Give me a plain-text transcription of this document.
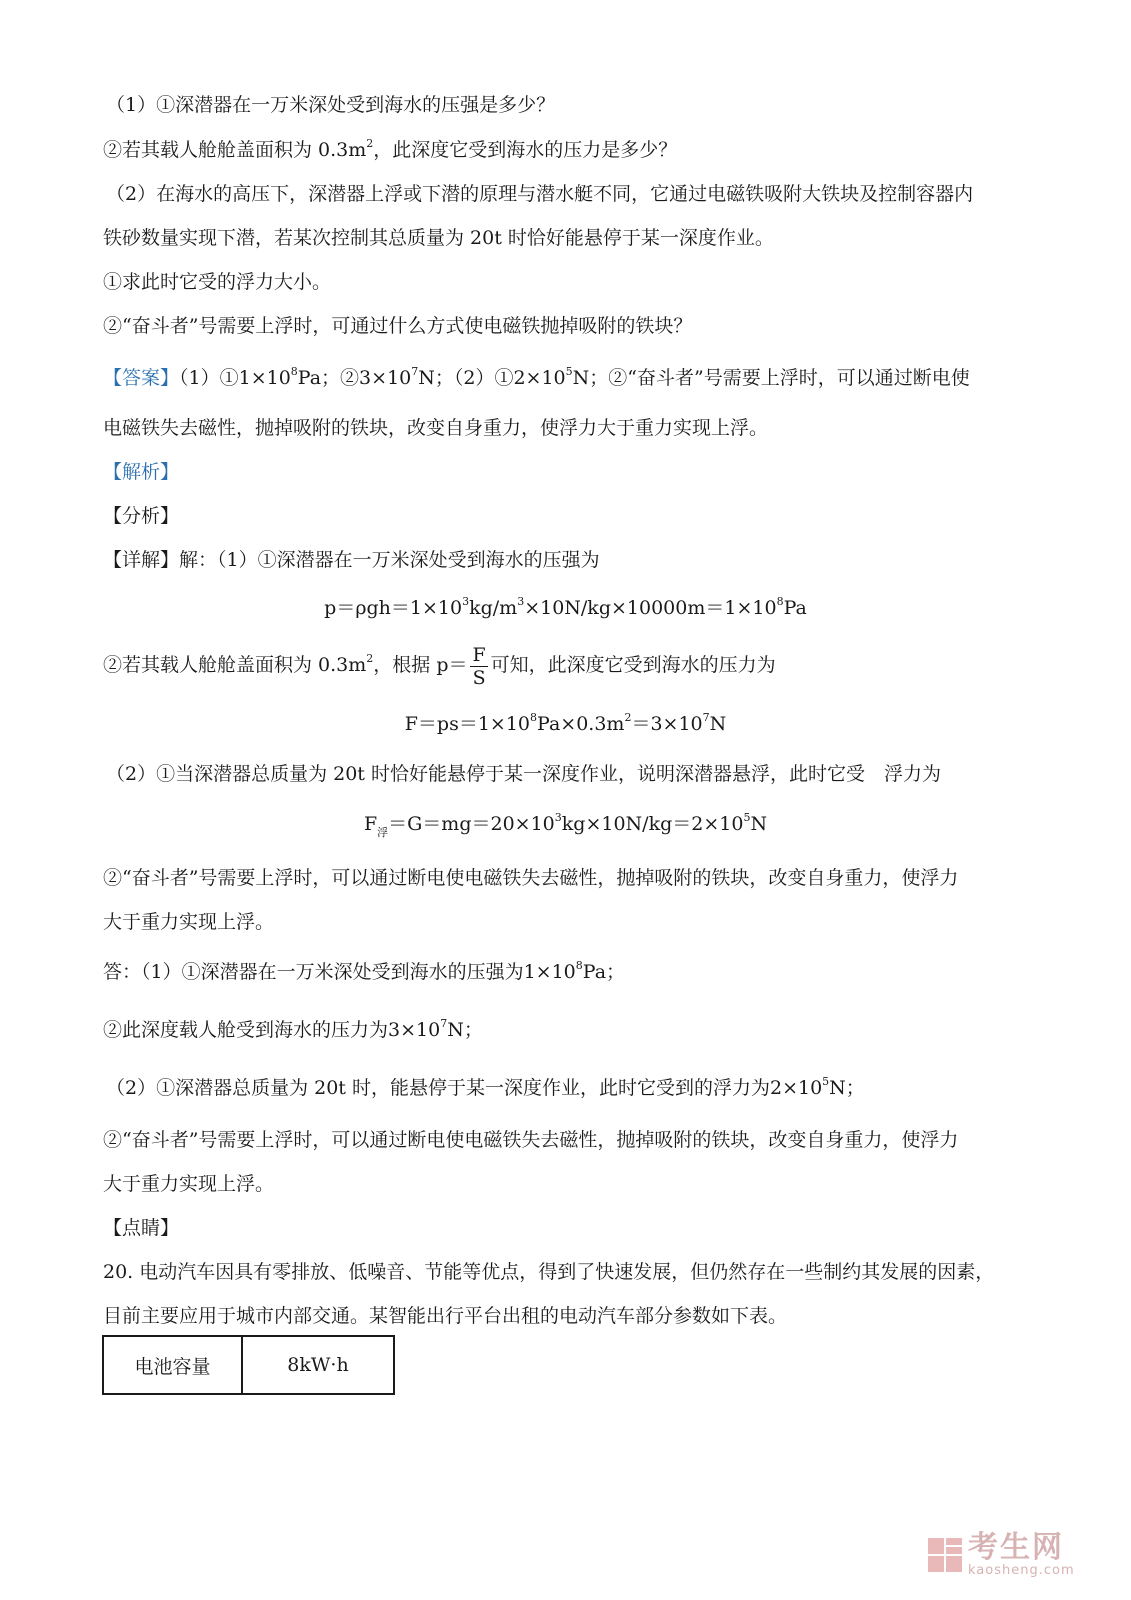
（1）①深潜器在一万米深处受到海水的压强是多少？
②若其载人舱舱盖面积为 $0.3m^2$，此深度它受到海水的压力是多少？
（2）在海水的高压下，深潜器上浮或下潜的原理与潜水艇不同，它通过电磁铁吸附大铁块及控制容器内
铁砂数量实现下潜，若某次控制其总质量为 20t 时恰好能悬停于某一深度作业。
①求此时它受的浮力大小。
②“奋斗者”号需要上浮时，可通过什么方式使电磁铁抛掉吸附的铁块？
【答案】$(1)①1\times 10^8Pa$；$②3\times 10^7N$；$(2)①2\times 10^5N$；②“奋斗者”号需要上浮时，可以通过断电使
电磁铁失去磁性，抛掉吸附的铁块，改变自身重力，使浮力大于重力实现上浮。
【解析】
【分析】
【详解】解：（1）①深潜器在一万米深处受到海水的压强为
$p=\rho gh=1\times 10^3kg/m^3\times 10N/kg\times 10000m=1\times 10^8Pa$
②若其载人舱舱盖面积为 $0.3m^2$，根据 $p= \frac{F}{S}$ 可知，此深度它受到海水的压力为
$F=ps=1\times 10^8Pa\times 0.3m^2=3\times 10^7N$
（2）①当深潜器总质量为 20t 时恰好能悬停于某一深度作业，说明深潜器悬浮，此时它受　浮力为
$F_浮=G=mg=20\times 10^3kg\times 10N/kg=2\times 10^5N$
②“奋斗者”号需要上浮时，可以通过断电使电磁铁失去磁性，抛掉吸附的铁块，改变自身重力，使浮力
大于重力实现上浮。
答：（1）①深潜器在一万米深处受到海水的压强为$1\times 10^8Pa$；
②此深度载人舱受到海水的压力为$3\times 10^7N$；
（2）①深潜器总质量为 20t 时，能悬停于某一深度作业，此时它受到的浮力为$2\times 10^5N$；
②“奋斗者”号需要上浮时，可以通过断电使电磁铁失去磁性，抛掉吸附的铁块，改变自身重力，使浮力
大于重力实现上浮。
【点睛】
20. 电动汽车因具有零排放、低噪音、节能等优点，得到了快速发展，但仍然存在一些制约其发展的因素，
目前主要应用于城市内部交通。某智能出行平台出租的电动汽车部分参数如下表。
电池容量	8kW·h
考生网
kaosheng.com
